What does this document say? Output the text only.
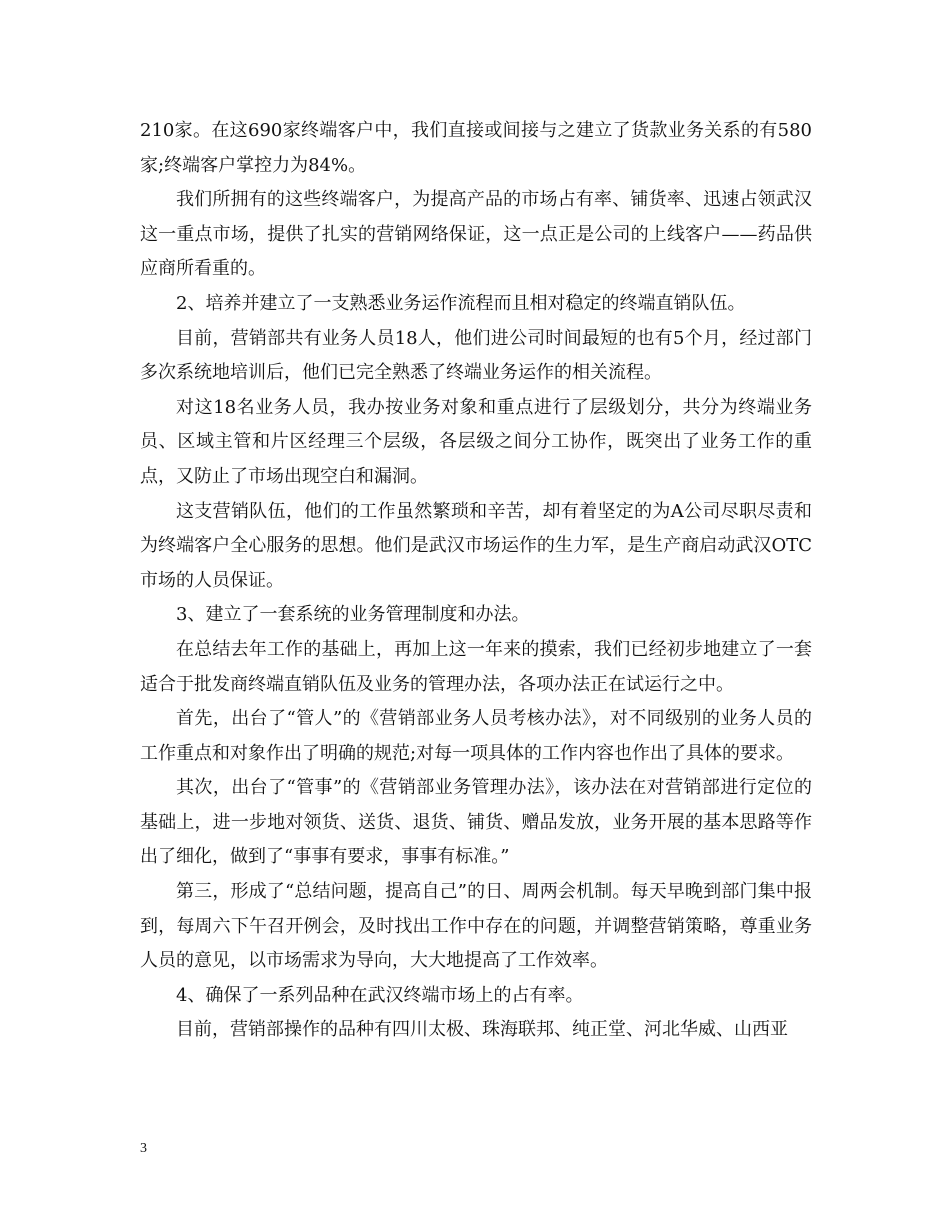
210家。在这690家终端客户中，我们直接或间接与之建立了货款业务关系的有580家;终端客户掌控力为84%。

我们所拥有的这些终端客户，为提高产品的市场占有率、铺货率、迅速占领武汉这一重点市场，提供了扎实的营销网络保证，这一点正是公司的上线客户——药品供应商所看重的。

2、培养并建立了一支熟悉业务运作流程而且相对稳定的终端直销队伍。

目前，营销部共有业务人员18人，他们进公司时间最短的也有5个月，经过部门多次系统地培训后，他们已完全熟悉了终端业务运作的相关流程。

对这18名业务人员，我办按业务对象和重点进行了层级划分，共分为终端业务员、区域主管和片区经理三个层级，各层级之间分工协作，既突出了业务工作的重点，又防止了市场出现空白和漏洞。

这支营销队伍，他们的工作虽然繁琐和辛苦，却有着坚定的为A公司尽职尽责和为终端客户全心服务的思想。他们是武汉市场运作的生力军，是生产商启动武汉OTC市场的人员保证。

3、建立了一套系统的业务管理制度和办法。

在总结去年工作的基础上，再加上这一年来的摸索，我们已经初步地建立了一套适合于批发商终端直销队伍及业务的管理办法，各项办法正在试运行之中。

首先，出台了“管人”的《营销部业务人员考核办法》，对不同级别的业务人员的工作重点和对象作出了明确的规范;对每一项具体的工作内容也作出了具体的要求。

其次，出台了“管事”的《营销部业务管理办法》，该办法在对营销部进行定位的基础上，进一步地对领货、送货、退货、铺货、赠品发放，业务开展的基本思路等作出了细化，做到了“事事有要求，事事有标准。”

第三，形成了“总结问题，提高自己”的日、周两会机制。每天早晚到部门集中报到，每周六下午召开例会，及时找出工作中存在的问题，并调整营销策略，尊重业务人员的意见，以市场需求为导向，大大地提高了工作效率。

4、确保了一系列品种在武汉终端市场上的占有率。

目前，营销部操作的品种有四川太极、珠海联邦、纯正堂、河北华威、山西亚

3
